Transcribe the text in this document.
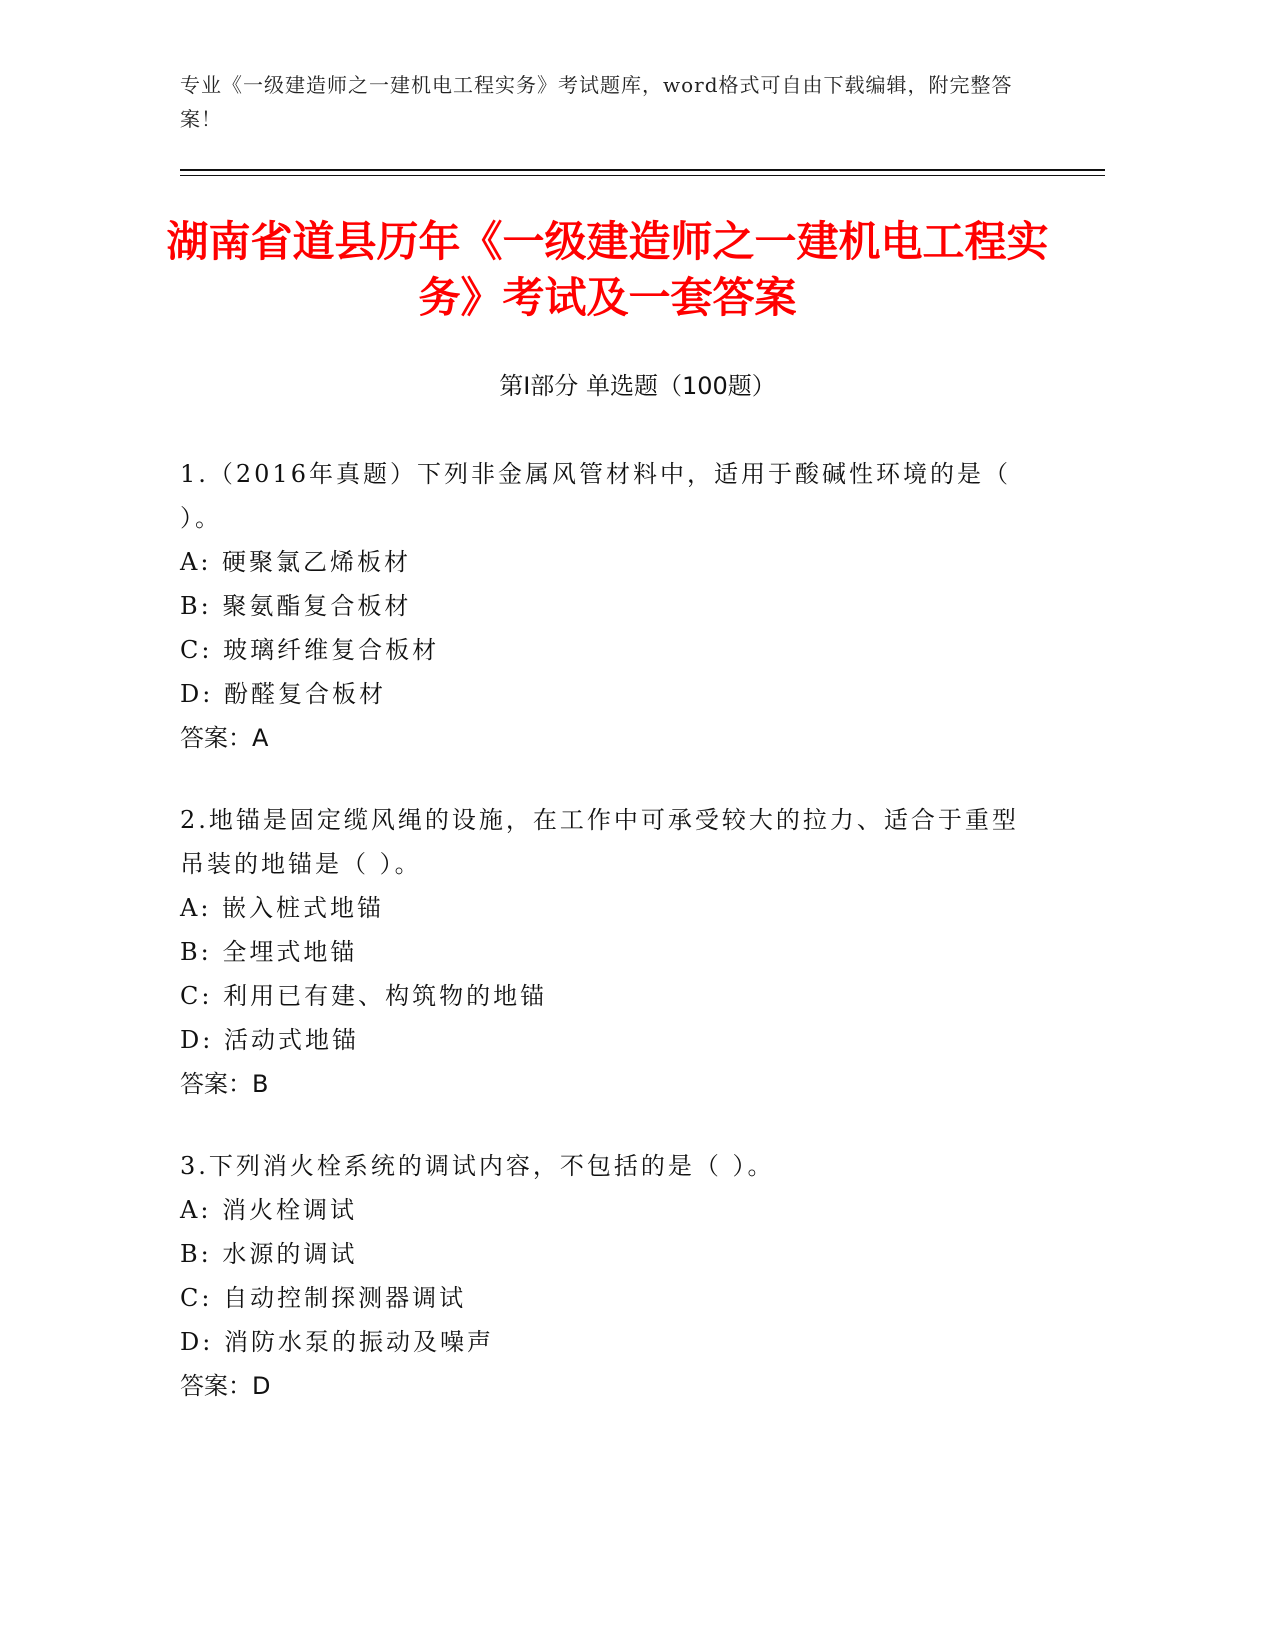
专业《一级建造师之一建机电工程实务》考试题库，word格式可自由下载编辑，附完整答案！
湖南省道县历年《一级建造师之一建机电工程实务》考试及一套答案
第Ⅰ部分 单选题（100题）

1.（2016年真题）下列非金属风管材料中，适用于酸碱性环境的是（ ）。

A: 硬聚氯乙烯板材

B: 聚氨酯复合板材

C: 玻璃纤维复合板材

D: 酚醛复合板材

答案：A

2.地锚是固定缆风绳的设施，在工作中可承受较大的拉力、适合于重型吊装的地锚是（ ）。

A: 嵌入桩式地锚

B: 全埋式地锚

C: 利用已有建、构筑物的地锚

D: 活动式地锚

答案：B

3.下列消火栓系统的调试内容，不包括的是（ ）。

A: 消火栓调试

B: 水源的调试

C: 自动控制探测器调试

D: 消防水泵的振动及噪声

答案：D
